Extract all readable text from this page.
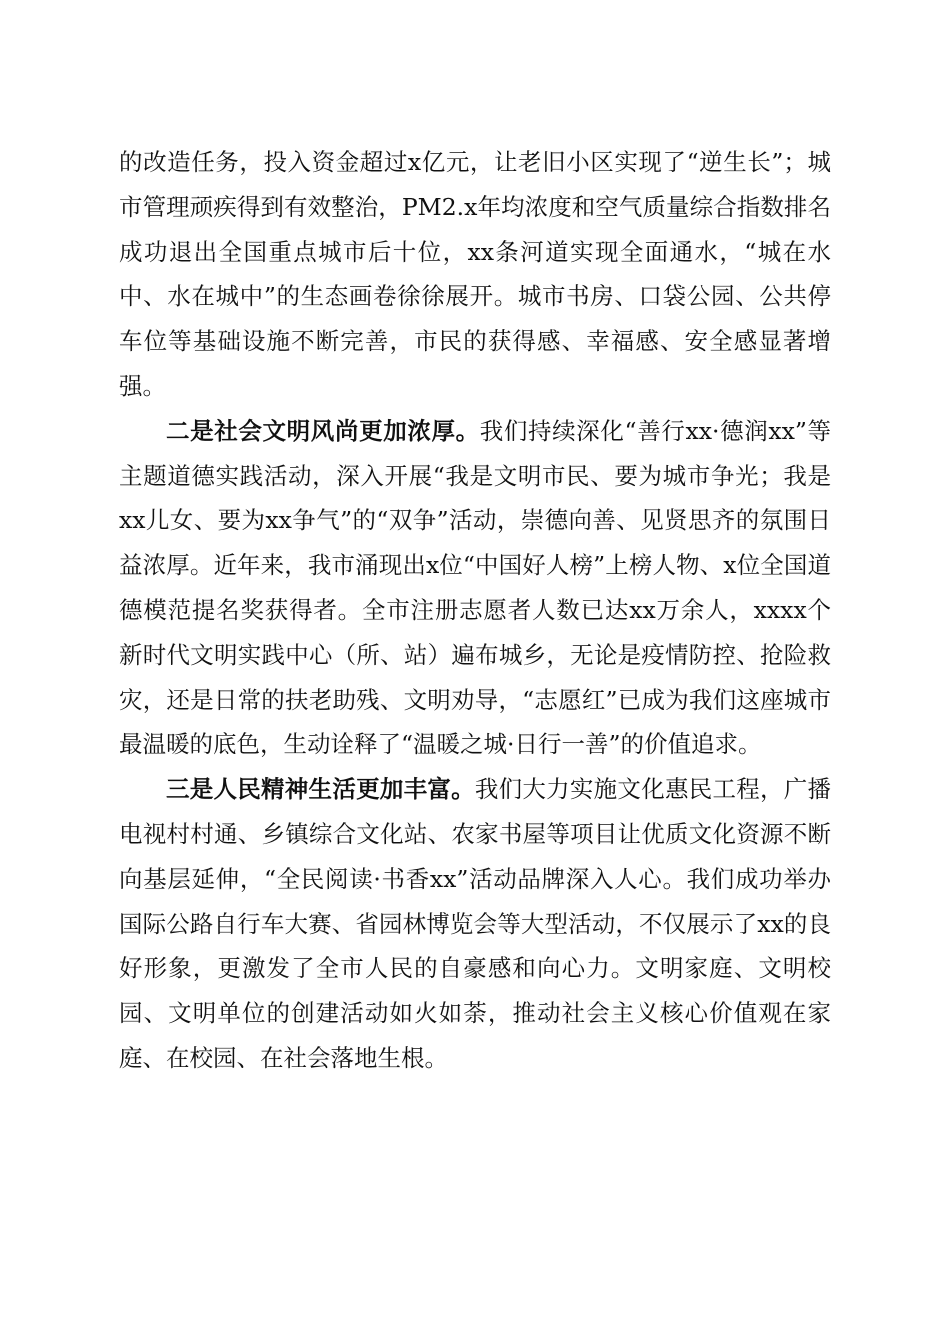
的改造任务，投入资金超过x亿元，让老旧小区实现了“逆生长”；城市管理顽疾得到有效整治，PM2.x年均浓度和空气质量综合指数排名成功退出全国重点城市后十位，xx条河道实现全面通水，“城在水中、水在城中”的生态画卷徐徐展开。城市书房、口袋公园、公共停车位等基础设施不断完善，市民的获得感、幸福感、安全感显著增强。

二是社会文明风尚更加浓厚。我们持续深化“善行xx·德润xx”等主题道德实践活动，深入开展“我是文明市民、要为城市争光；我是xx儿女、要为xx争气”的“双争”活动，崇德向善、见贤思齐的氛围日益浓厚。近年来，我市涌现出x位“中国好人榜”上榜人物、x位全国道德模范提名奖获得者。全市注册志愿者人数已达xx万余人，xxxx个新时代文明实践中心（所、站）遍布城乡，无论是疫情防控、抢险救灾，还是日常的扶老助残、文明劝导，“志愿红”已成为我们这座城市最温暖的底色，生动诠释了“温暖之城·日行一善”的价值追求。

三是人民精神生活更加丰富。我们大力实施文化惠民工程，广播电视村村通、乡镇综合文化站、农家书屋等项目让优质文化资源不断向基层延伸，“全民阅读·书香xx”活动品牌深入人心。我们成功举办国际公路自行车大赛、省园林博览会等大型活动，不仅展示了xx的良好形象，更激发了全市人民的自豪感和向心力。文明家庭、文明校园、文明单位的创建活动如火如荼，推动社会主义核心价值观在家庭、在校园、在社会落地生根。
